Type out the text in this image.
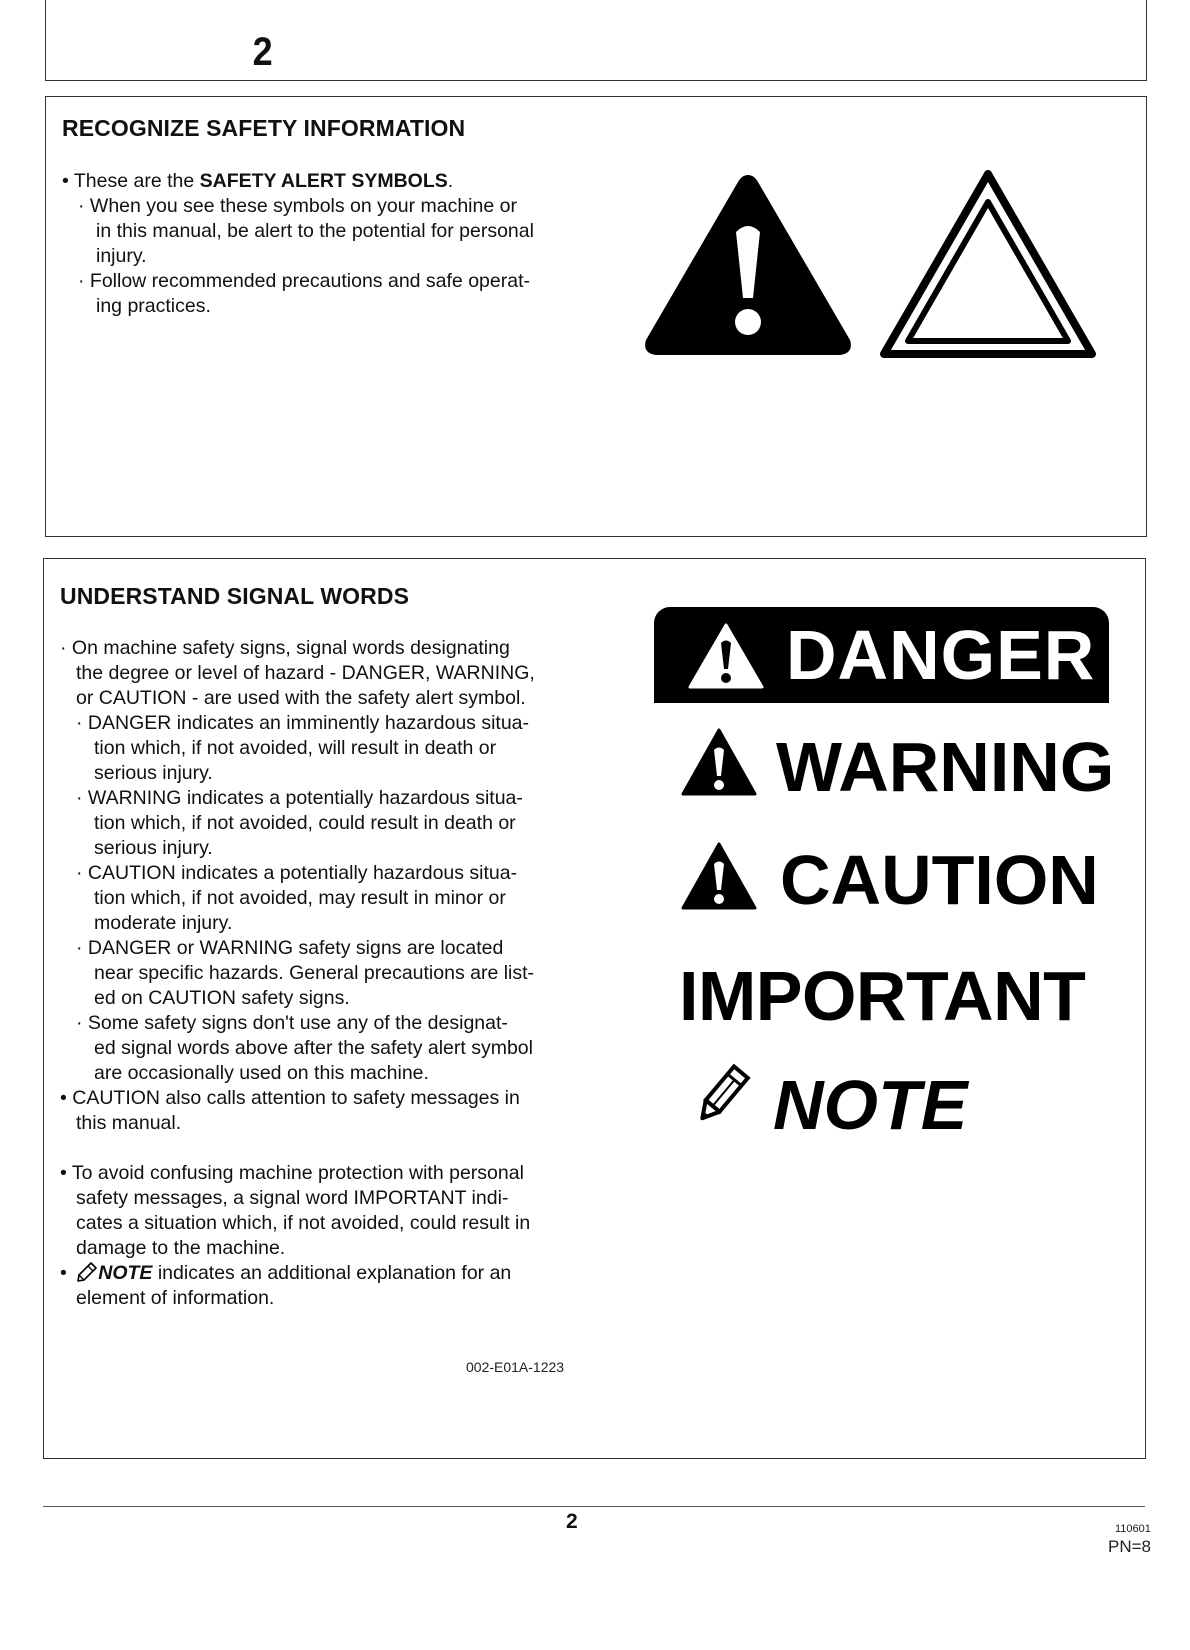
2
RECOGNIZE SAFETY INFORMATION
• These are the SAFETY ALERT SYMBOLS.
· When you see these symbols on your machine or
in this manual, be alert to the potential for personal
injury.
· Follow recommended precautions and safe operat-
ing practices.
UNDERSTAND SIGNAL WORDS
· On machine safety signs, signal words designating
the degree or level of hazard - DANGER, WARNING,
or CAUTION - are used with the safety alert symbol.
· DANGER indicates an imminently hazardous situa-
tion which, if not avoided, will result in death or
serious injury.
· WARNING indicates a potentially hazardous situa-
tion which, if not avoided, could result in death or
serious injury.
· CAUTION indicates a potentially hazardous situa-
tion which, if not avoided, may result in minor or
moderate injury.
· DANGER or WARNING safety signs are located
near specific hazards. General precautions are list-
ed on CAUTION safety signs.
· Some safety signs don't use any of the designat-
ed signal words above after the safety alert symbol
are occasionally used on this machine.
• CAUTION also calls attention to safety messages in
this manual.
• To avoid confusing machine protection with personal
safety messages, a signal word IMPORTANT indi-
cates a situation which, if not avoided, could result in
damage to the machine.
• NOTE indicates an additional explanation for an
element of information.
002-E01A-1223
DANGER
WARNING
CAUTION
IMPORTANT
NOTE
2	110601
PN=8
